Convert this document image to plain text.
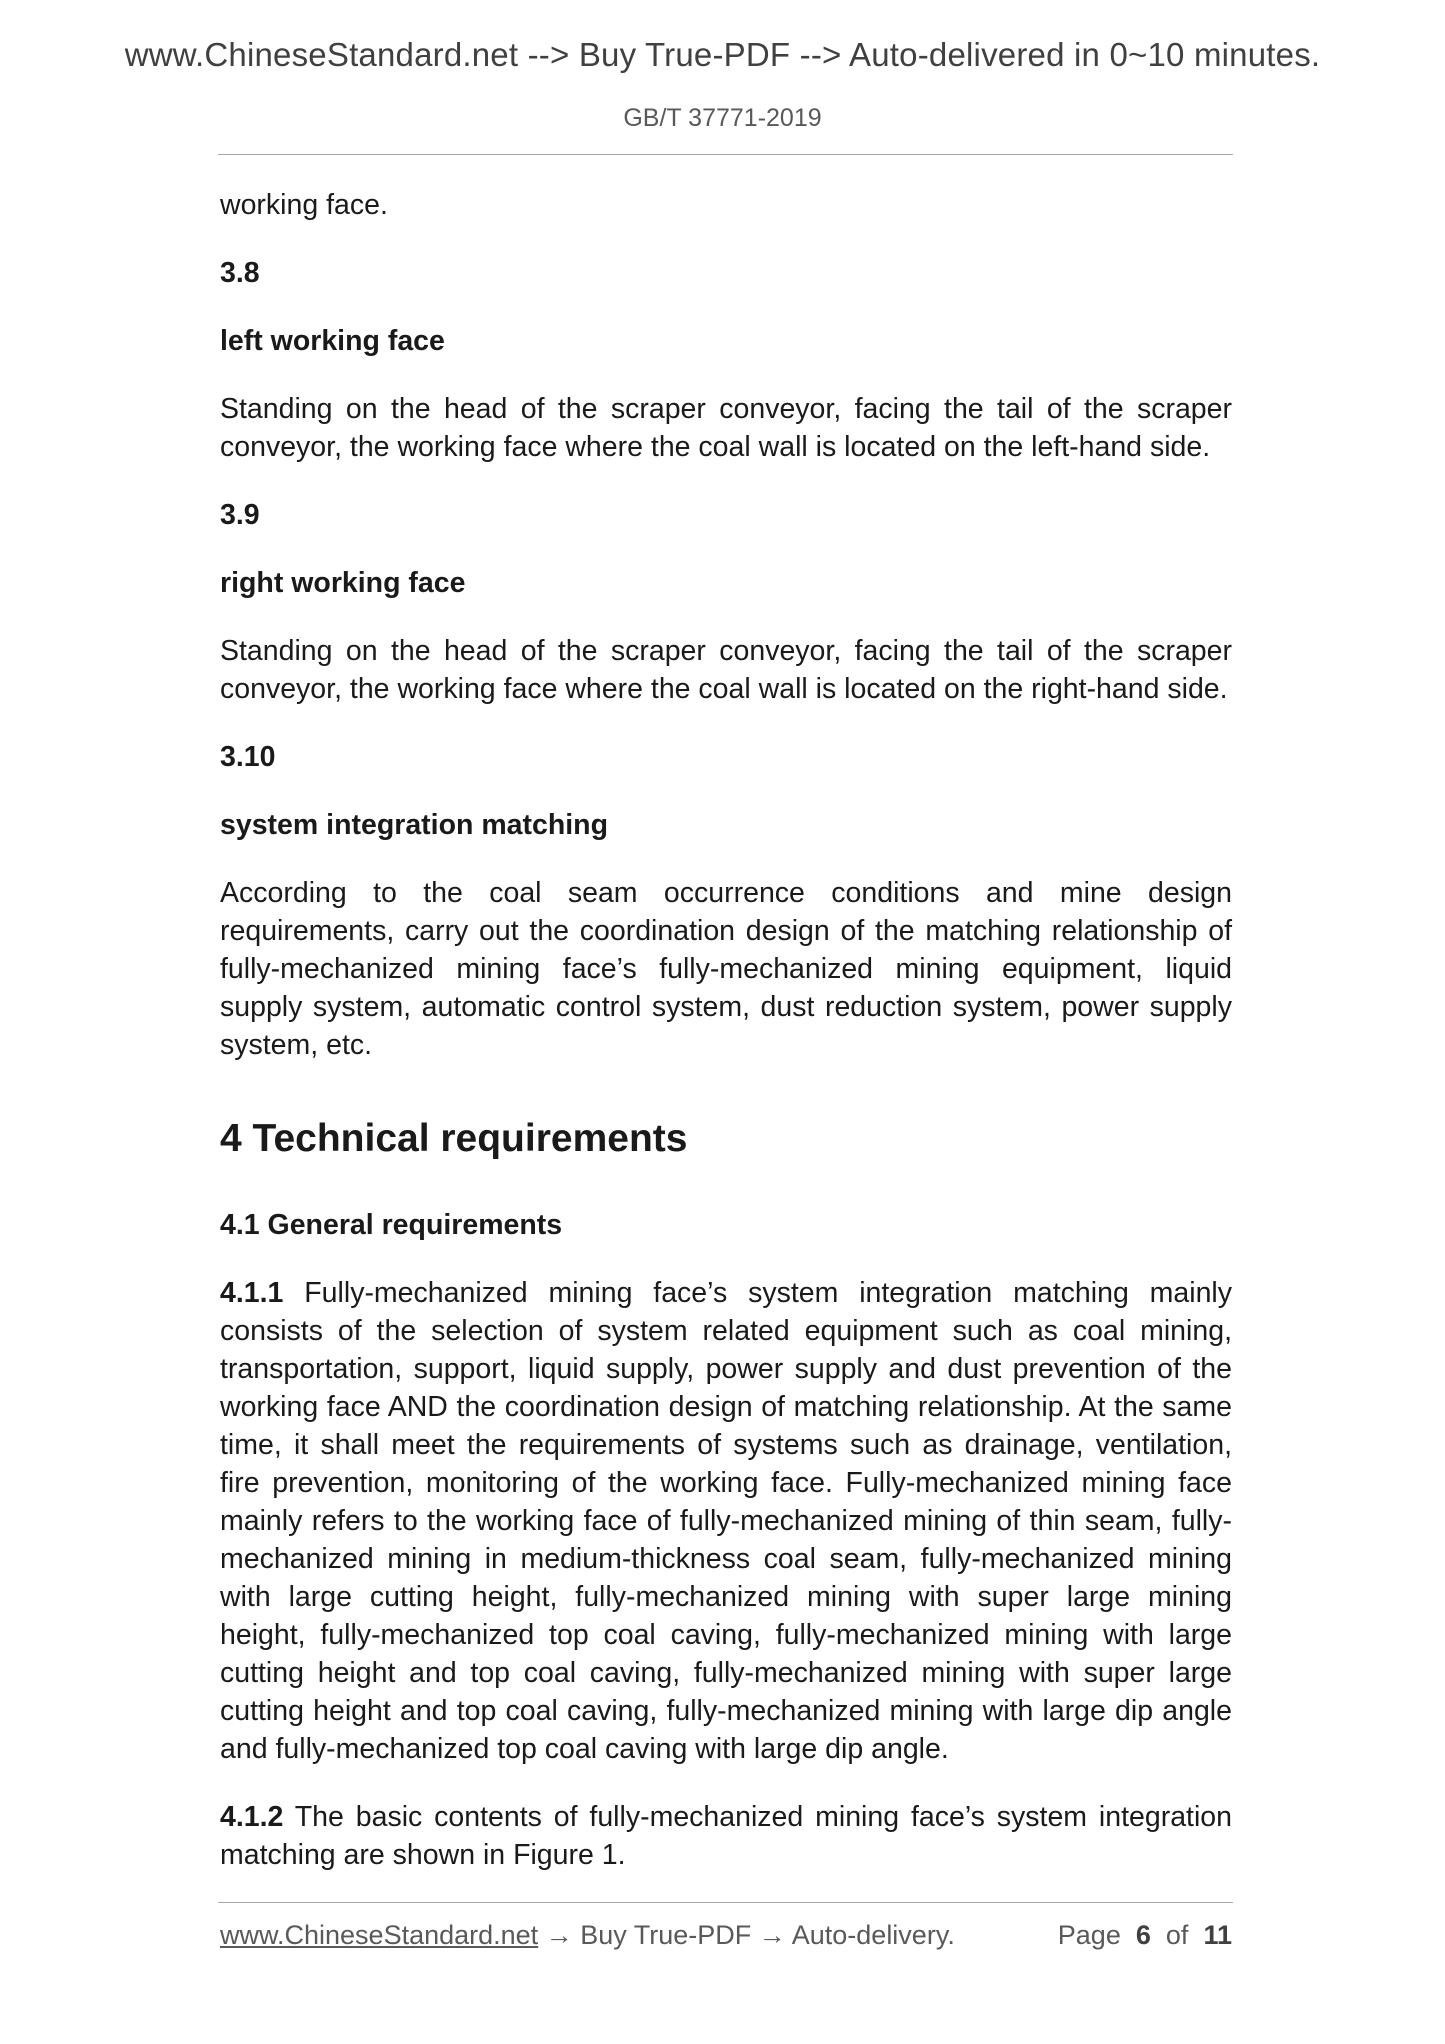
www.ChineseStandard.net --> Buy True-PDF --> Auto-delivered in 0~10 minutes.
GB/T 37771-2019

working face.

3.8

left working face

Standing on the head of the scraper conveyor, facing the tail of the scraper conveyor, the working face where the coal wall is located on the left-hand side.

3.9

right working face

Standing on the head of the scraper conveyor, facing the tail of the scraper conveyor, the working face where the coal wall is located on the right-hand side.

3.10

system integration matching

According to the coal seam occurrence conditions and mine design requirements, carry out the coordination design of the matching relationship of fully-mechanized mining face’s fully-mechanized mining equipment, liquid supply system, automatic control system, dust reduction system, power supply system, etc.

4 Technical requirements
4.1 General requirements

4.1.1 Fully-mechanized mining face’s system integration matching mainly consists of the selection of system related equipment such as coal mining, transportation, support, liquid supply, power supply and dust prevention of the working face AND the coordination design of matching relationship. At the same time, it shall meet the requirements of systems such as drainage, ventilation, fire prevention, monitoring of the working face. Fully-mechanized mining face mainly refers to the working face of fully-mechanized mining of thin seam, fully-mechanized mining in medium-thickness coal seam, fully-mechanized mining with large cutting height, fully-mechanized mining with super large mining height, fully-mechanized top coal caving, fully-mechanized mining with large cutting height and top coal caving, fully-mechanized mining with super large cutting height and top coal caving, fully-mechanized mining with large dip angle and fully-mechanized top coal caving with large dip angle.

4.1.2 The basic contents of fully-mechanized mining face’s system integration matching are shown in Figure 1.

www.ChineseStandard.net → Buy True-PDF → Auto-delivery.	Page 6 of 11
